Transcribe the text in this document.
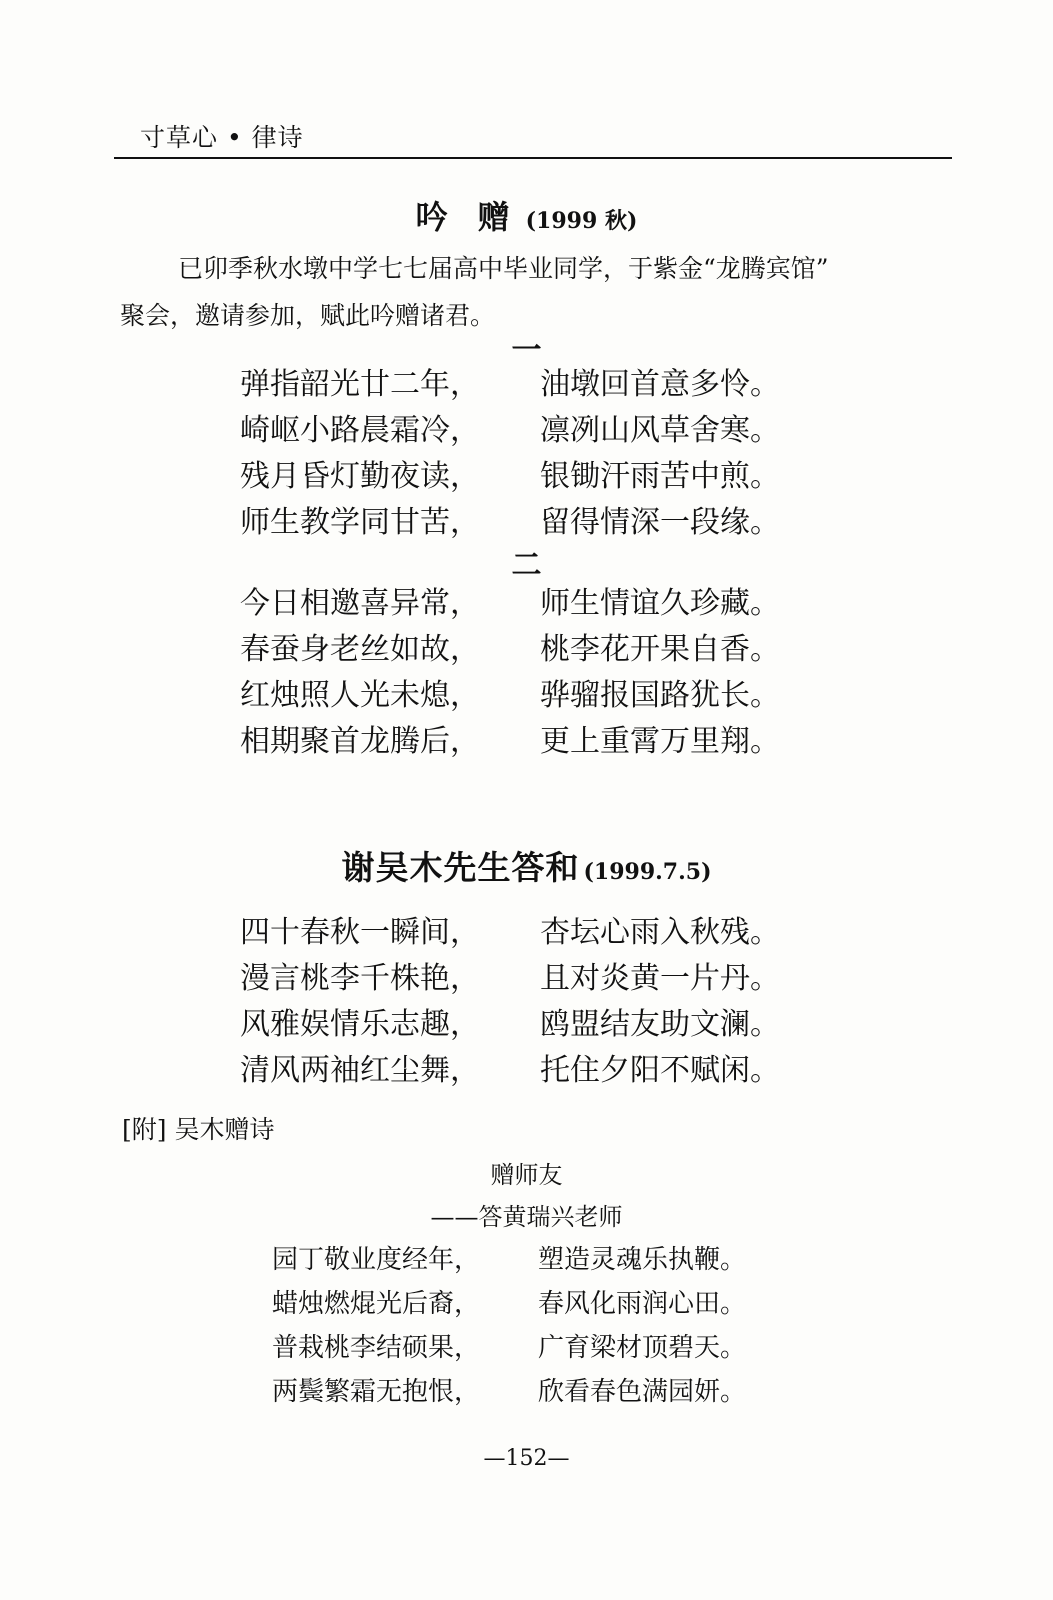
寸草心 • 律诗
吟赠(1999 秋)

已卯季秋水墩中学七七届高中毕业同学，于紫金“龙腾宾馆”

聚会，邀请参加，赋此吟赠诸君。

一
弹指韶光廿二年， 油墩回首意多怜。
崎岖小路晨霜冷， 凛冽山风草舍寒。
残月昏灯勤夜读， 银锄汗雨苦中煎。
师生教学同甘苦， 留得情深一段缘。
二
今日相邀喜异常， 师生情谊久珍藏。
春蚕身老丝如故， 桃李花开果自香。
红烛照人光未熄， 骅骝报国路犹长。
相期聚首龙腾后， 更上重霄万里翔。
谢吴木先生答和 (1999.7.5)
四十春秋一瞬间， 杏坛心雨入秋残。
漫言桃李千株艳， 且对炎黄一片丹。
风雅娱情乐志趣， 鸥盟结友助文澜。
清风两袖红尘舞， 托住夕阳不赋闲。
[附] 吴木赠诗
赠师友
——答黄瑞兴老师
园丁敬业度经年， 塑造灵魂乐执鞭。
蜡烛燃焜光后裔， 春风化雨润心田。
普栽桃李结硕果， 广育梁材顶碧天。
两鬓繁霜无抱恨， 欣看春色满园妍。
—152—
